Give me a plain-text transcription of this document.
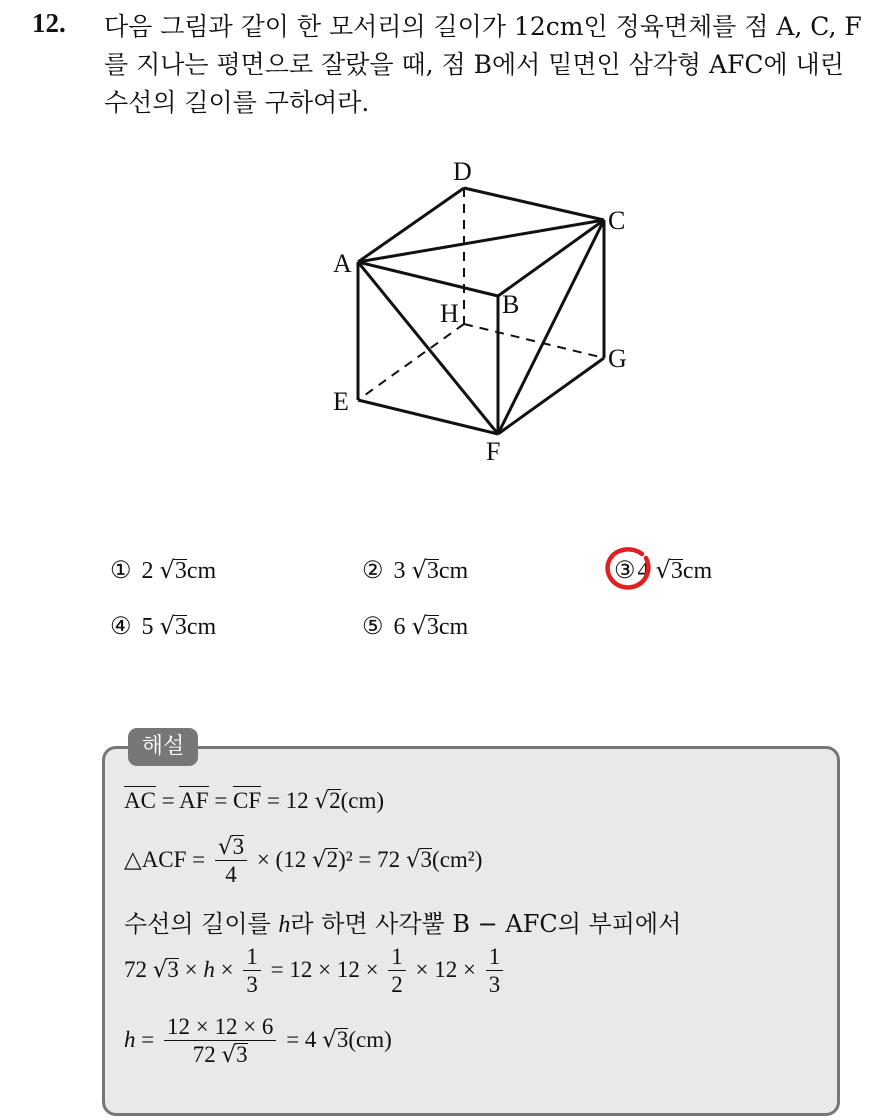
12. 다음 그림과 같이 한 모서리의 길이가 12cm인 정육면체를 점 A, C, F
를 지나는 평면으로 잘랐을 때, 점 B에서 밑면인 삼각형 AFC에 내린
수선의 길이를 구하여라.
D
C
A
B
H
G
E
F
① 2 √3cm	② 3 √3cm	③4 √3cm
④ 5 √3cm	⑤ 6 √3cm
해설
AC = AF = CF = 12 √2(cm)
△ACF = $\frac{√3}{4} \times (12$ √2)² = 72 √3(cm²)
수선의 길이를 h라 하면 사각뿔 B − AFC의 부피에서
72 $√3 \times h \times \frac{1}{3} = 12 \times 12 \times \frac{1}{2} \times 12 \times \frac{1}{3}$
$h = \frac{12 \times 12 \times 6}{72 √3} = 4$ √3(cm)
